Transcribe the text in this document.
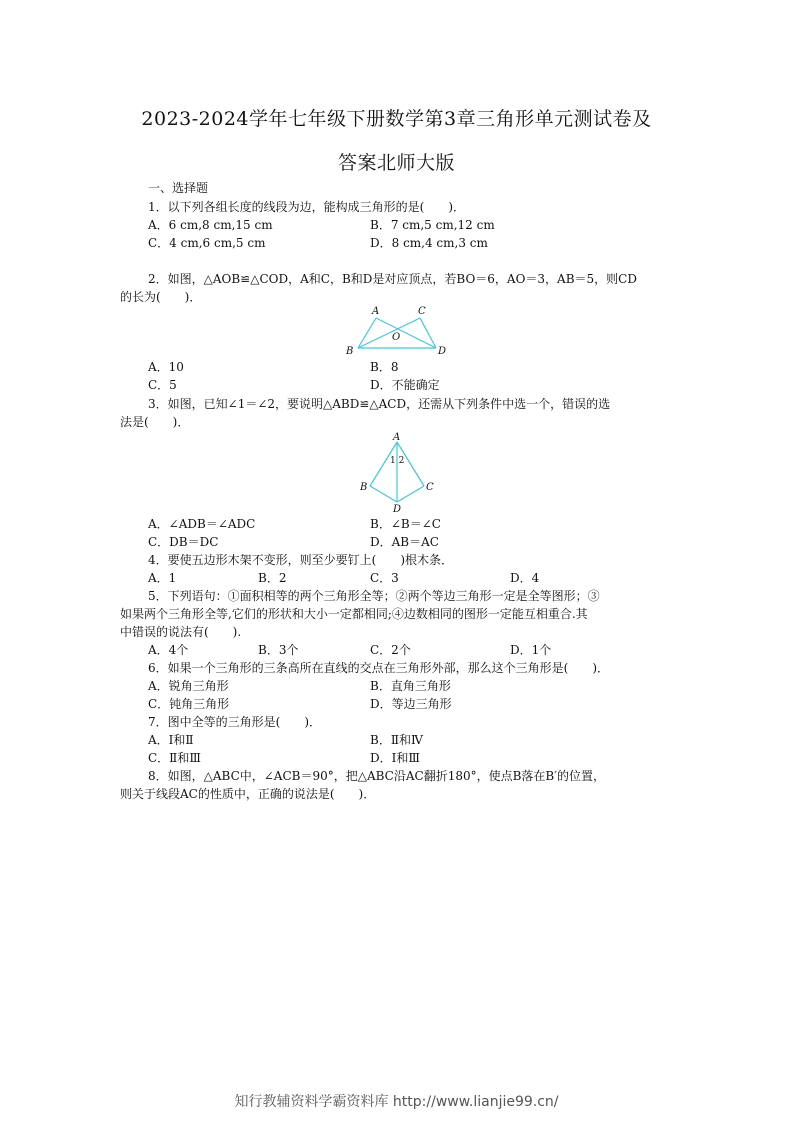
2023-2024学年七年级下册数学第3章三角形单元测试卷及
答案北师大版
一、选择题
1．以下列各组长度的线段为边，能构成三角形的是(　　)．
A．6 cm,8 cm,15 cm	B．7 cm,5 cm,12 cm
C．4 cm,6 cm,5 cm	D．8 cm,4 cm,3 cm
2．如图，△AOB≌△COD，A和C，B和D是对应顶点，若BO＝6，AO＝3，AB＝5，则CD
的长为(　　)．
A	C
O
B	D
A．10	B．8
C．5	D．不能确定
3．如图，已知∠1＝∠2，要说明△ABD≌△ACD，还需从下列条件中选一个，错误的选
法是(　　)．
A
1 2
B	C
D
A．∠ADB＝∠ADC	B．∠B＝∠C
C．DB＝DC	D．AB＝AC
4．要使五边形木架不变形，则至少要钉上(　　)根木条．
A．1	B．2	C．3	D．4
5．下列语句：①面积相等的两个三角形全等；②两个等边三角形一定是全等图形；③
如果两个三角形全等,它们的形状和大小一定都相同;④边数相同的图形一定能互相重合.其
中错误的说法有(　　).
A．4个	B．3个	C．2个	D．1个
6．如果一个三角形的三条高所在直线的交点在三角形外部，那么这个三角形是(　　)．
A．锐角三角形	B．直角三角形
C．钝角三角形	D．等边三角形
7．图中全等的三角形是(　　)．
A．Ⅰ和Ⅱ	B．Ⅱ和Ⅳ
C．Ⅱ和Ⅲ	D．Ⅰ和Ⅲ
8．如图，△ABC中，∠ACB＝90°，把△ABC沿AC翻折180°，使点B落在B′的位置，
则关于线段AC的性质中，正确的说法是(　　)．
知行教辅资料学霸资料库 http://www.lianjie99.cn/
